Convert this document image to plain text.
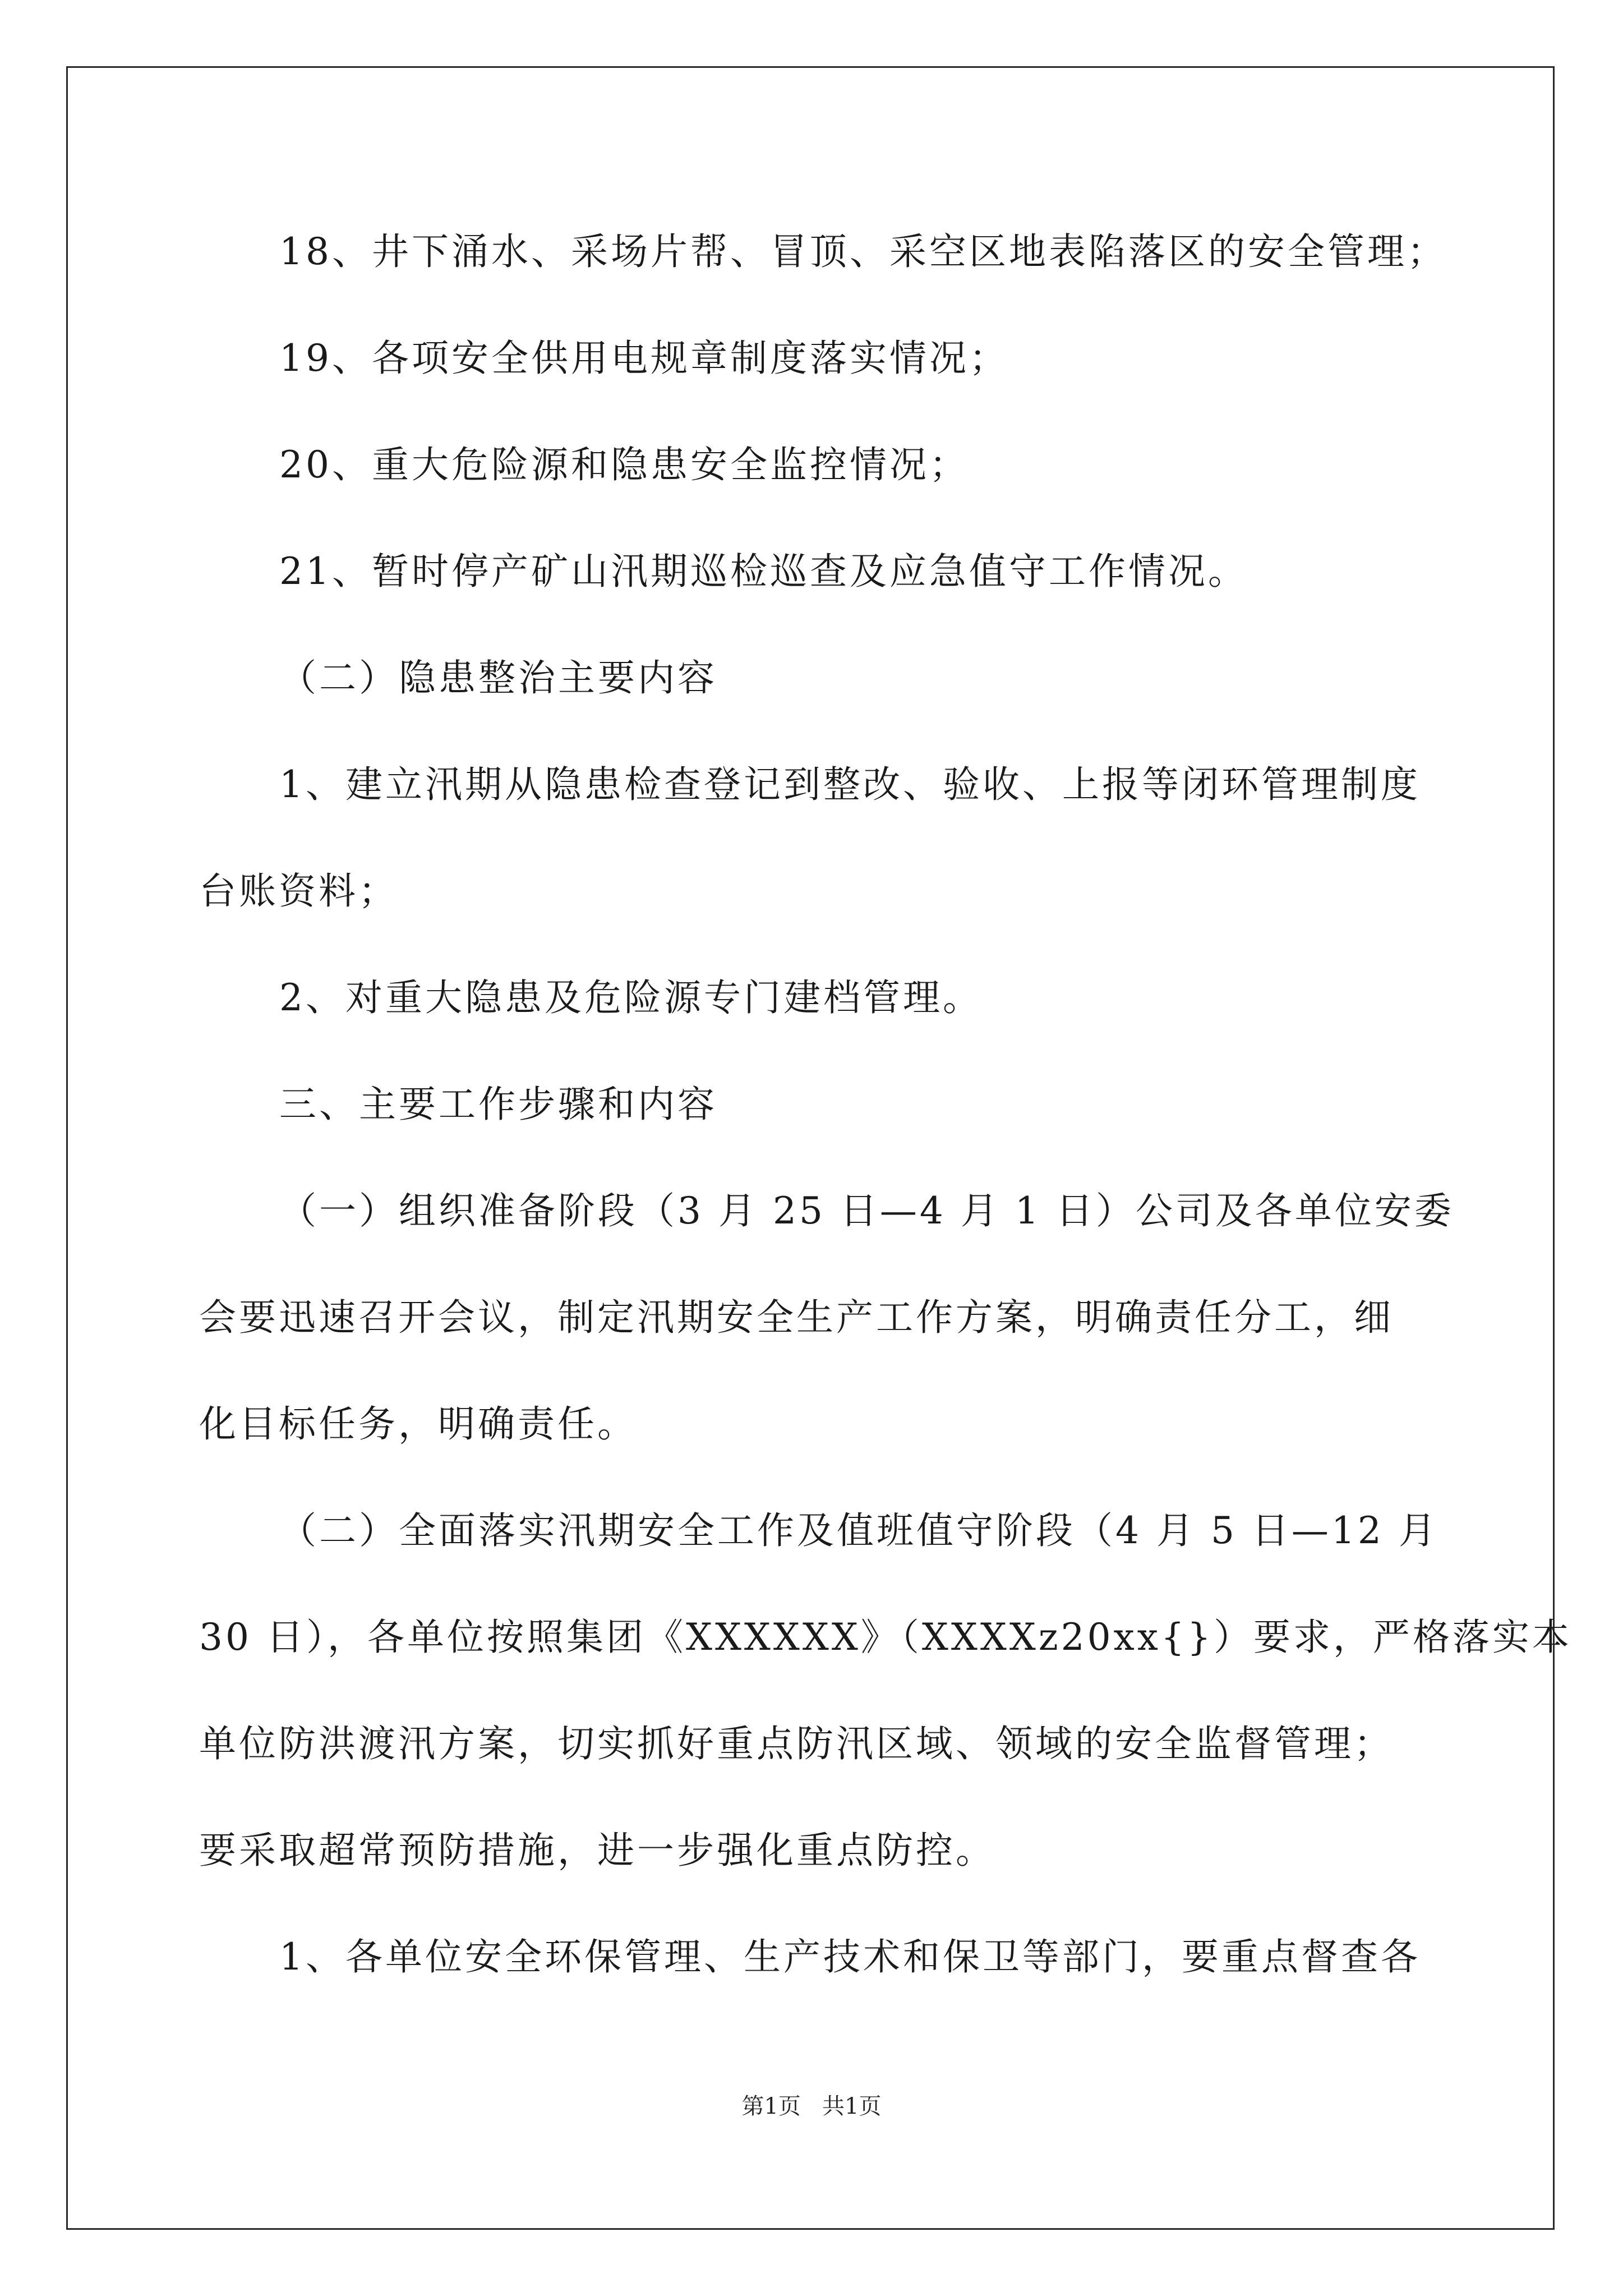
18、井下涌水、采场片帮、冒顶、采空区地表陷落区的安全管理；
19、各项安全供用电规章制度落实情况；
20、重大危险源和隐患安全监控情况；
21、暂时停产矿山汛期巡检巡查及应急值守工作情况。
（二）隐患整治主要内容
1、建立汛期从隐患检查登记到整改、验收、上报等闭环管理制度
台账资料；
2、对重大隐患及危险源专门建档管理。
三、主要工作步骤和内容
（一）组织准备阶段（3 月 25 日—4 月 1 日）公司及各单位安委
会要迅速召开会议，制定汛期安全生产工作方案，明确责任分工，细
化目标任务，明确责任。
（二）全面落实汛期安全工作及值班值守阶段（4 月 5 日—12 月
30 日），各单位按照集团《XXXXXX》（XXXXz20xx{}）要求，严格落实本
单位防洪渡汛方案，切实抓好重点防汛区域、领域的安全监督管理；
要采取超常预防措施，进一步强化重点防控。
1、各单位安全环保管理、生产技术和保卫等部门，要重点督查各
第1页   共1页
